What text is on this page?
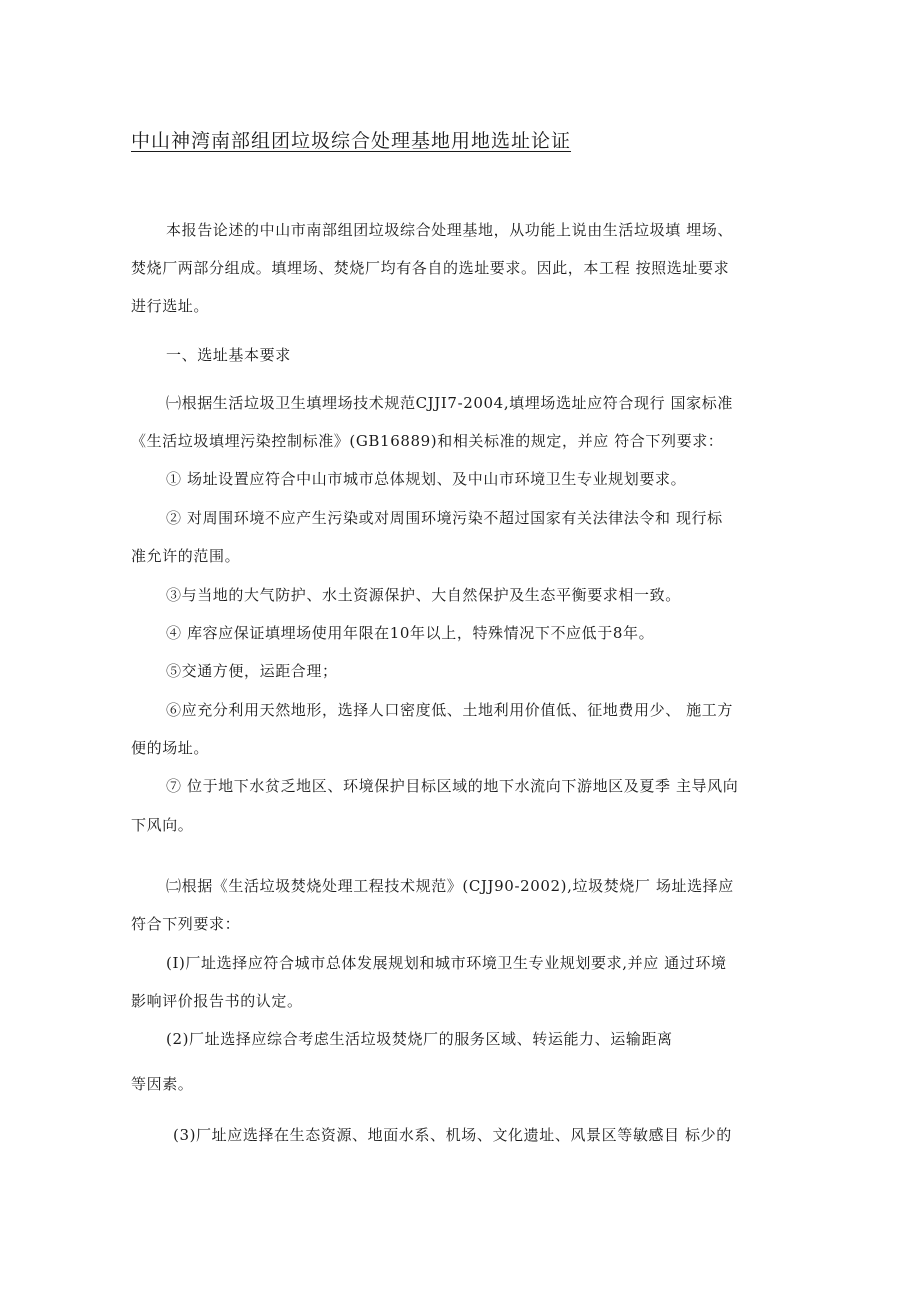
中山神湾南部组团垃圾综合处理基地用地选址论证

本报告论述的中山市南部组团垃圾综合处理基地，从功能上说由生活垃圾填 埋场、

焚烧厂两部分组成。填埋场、焚烧厂均有各自的选址要求。因此，本工程 按照选址要求

进行选址。

一、选址基本要求

㈠根据生活垃圾卫生填埋场技术规范CJJI7-2004,填埋场选址应符合现行 国家标准

《生活垃圾填埋污染控制标准》(GB16889)和相关标准的规定，并应 符合下列要求：

① 场址设置应符合中山市城市总体规划、及中山市环境卫生专业规划要求。

② 对周围环境不应产生污染或对周围环境污染不超过国家有关法律法令和 现行标

准允许的范围。

③与当地的大气防护、水土资源保护、大自然保护及生态平衡要求相一致。

④ 库容应保证填埋场使用年限在10年以上，特殊情况下不应低于8年。

⑤交通方便，运距合理；

⑥应充分利用天然地形，选择人口密度低、土地利用价值低、征地费用少、 施工方

便的场址。

⑦ 位于地下水贫乏地区、环境保护目标区域的地下水流向下游地区及夏季 主导风向

下风向。

㈡根据《生活垃圾焚烧处理工程技术规范》(CJJ90-2002),垃圾焚烧厂 场址选择应

符合下列要求：

(I)厂址选择应符合城市总体发展规划和城市环境卫生专业规划要求,并应 通过环境

影响评价报告书的认定。

(2)厂址选择应综合考虑生活垃圾焚烧厂的服务区域、转运能力、运输距离

等因素。

(3)厂址应选择在生态资源、地面水系、机场、文化遗址、风景区等敏感目 标少的
